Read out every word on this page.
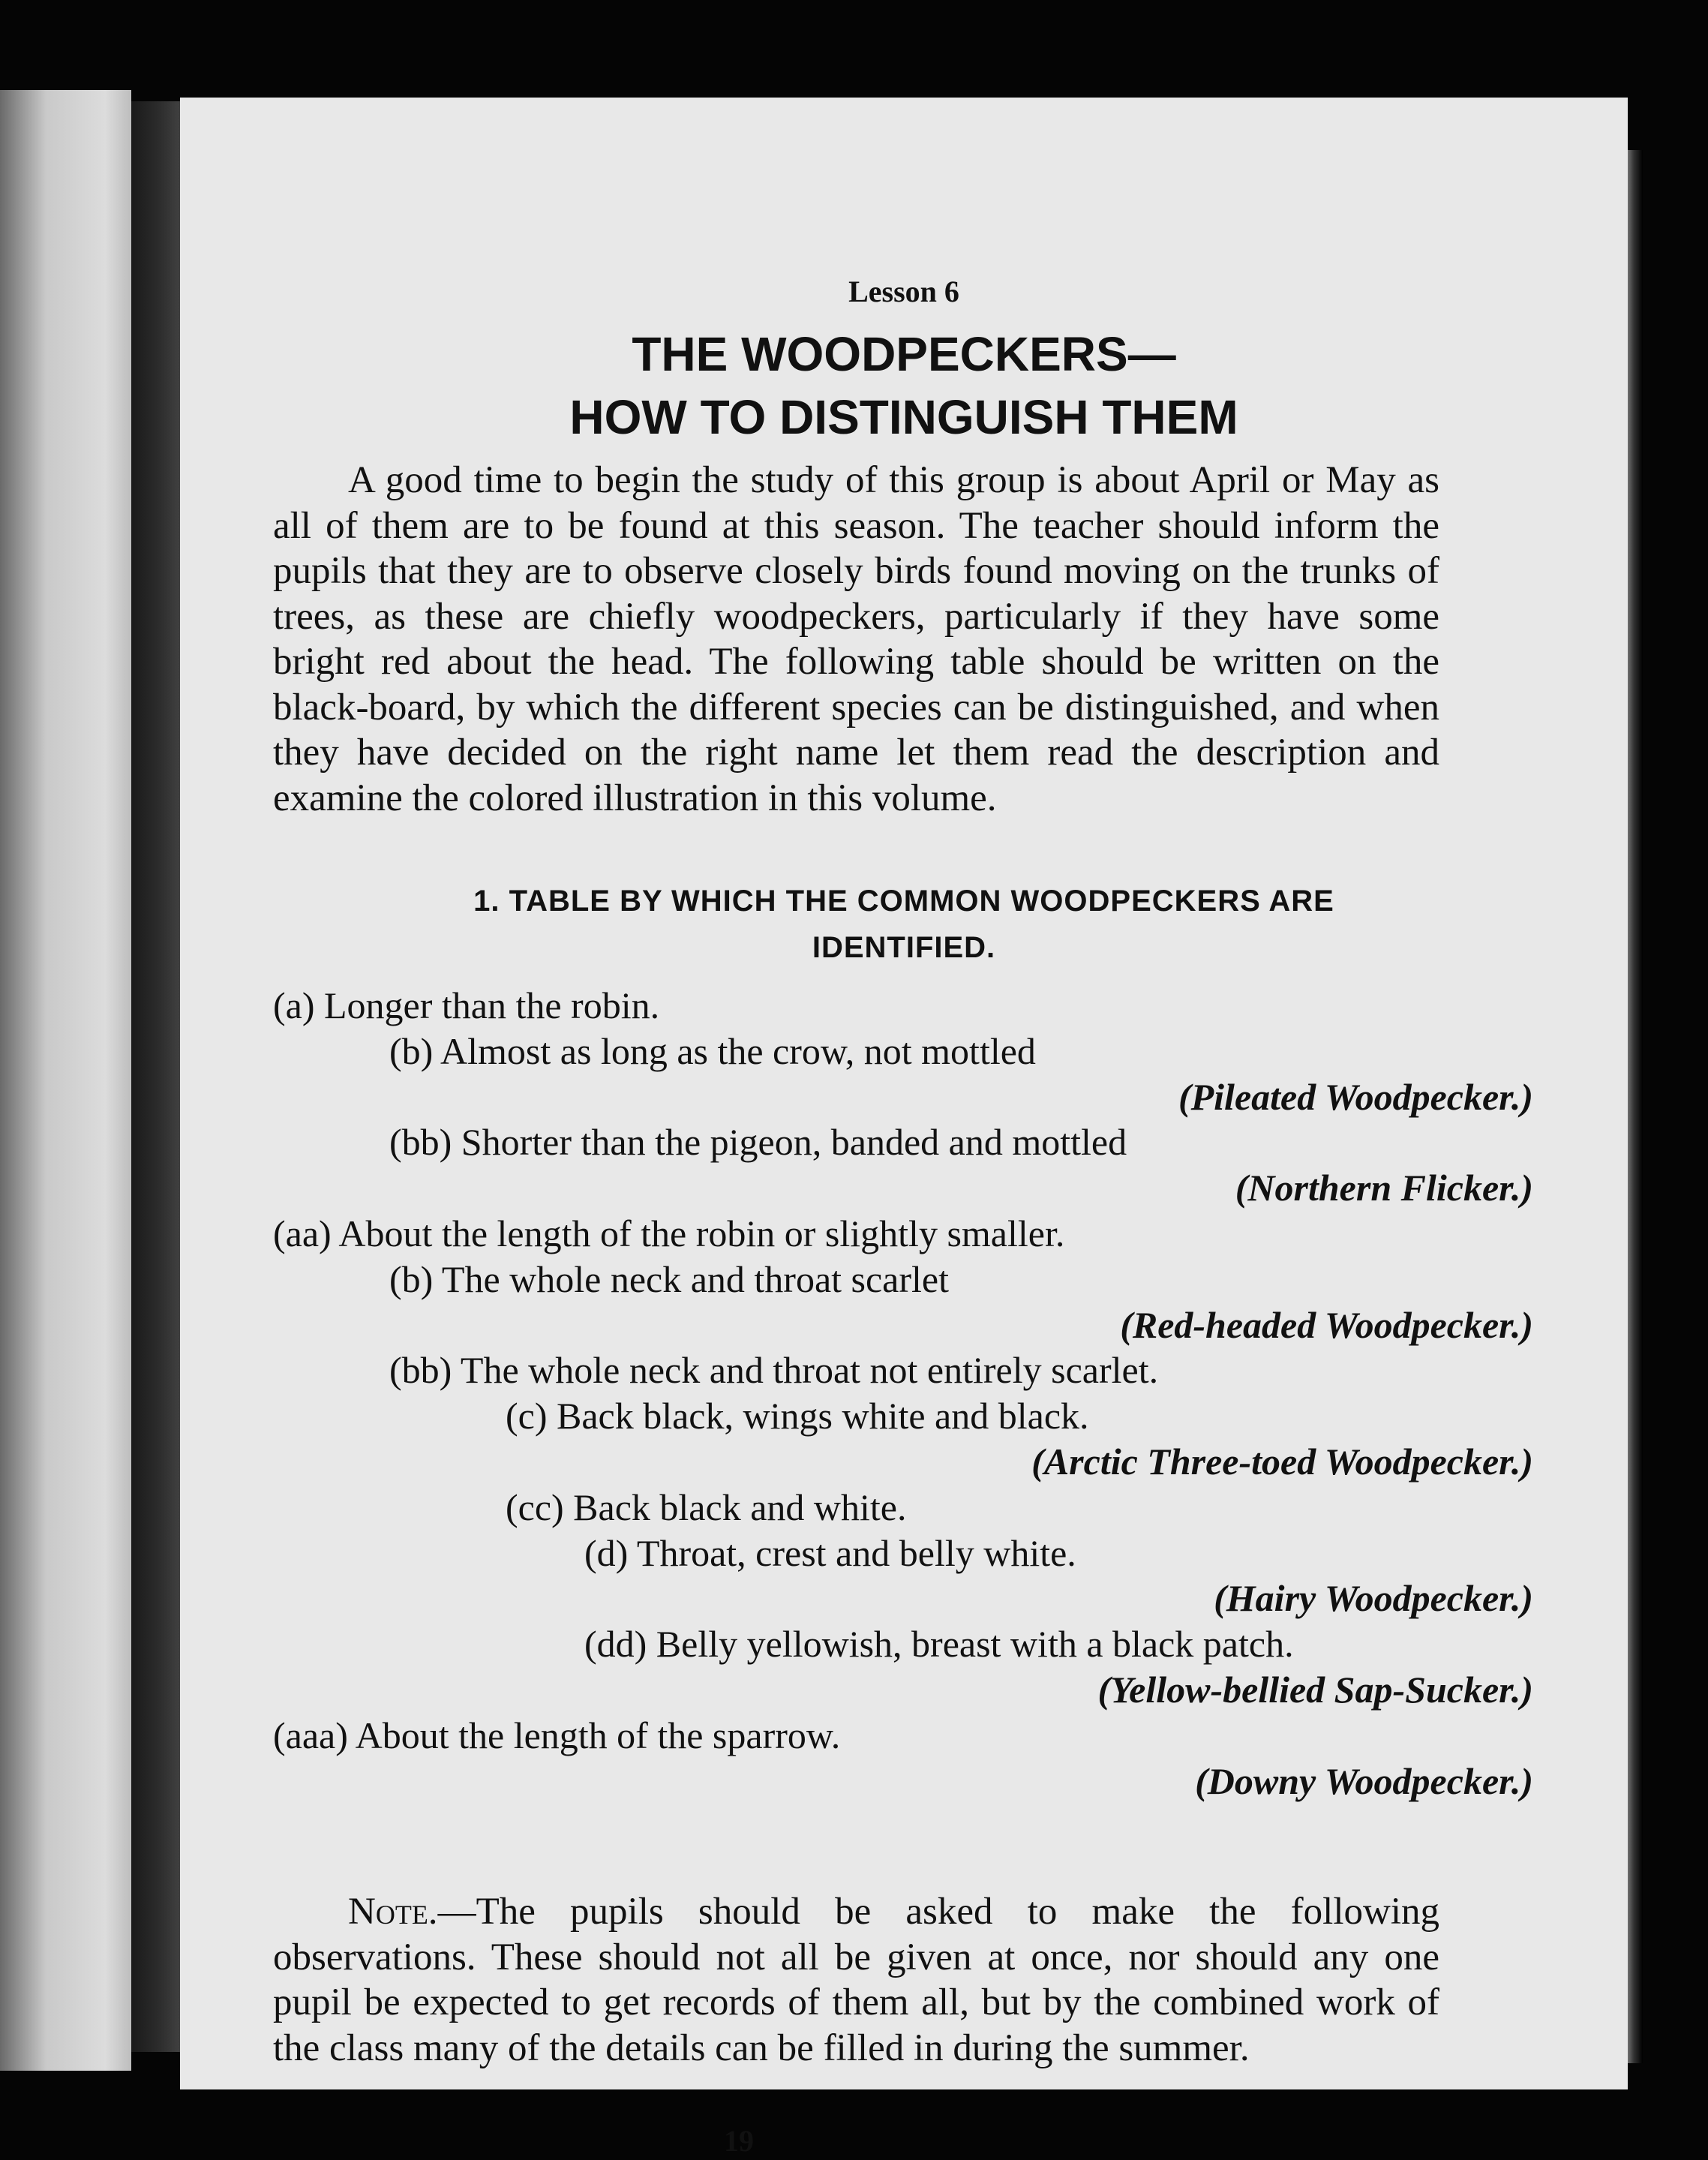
Lesson 6
THE WOODPECKERS—
HOW TO DISTINGUISH THEM
A good time to begin the study of this group is about April or May as all of them are to be found at this season. The teacher should inform the pupils that they are to observe closely birds found moving on the trunks of trees, as these are chiefly woodpeckers, particularly if they have some bright red about the head. The following table should be written on the black-board, by which the different species can be distinguished, and when they have decided on the right name let them read the description and examine the colored illustration in this volume.
1. TABLE BY WHICH THE COMMON WOODPECKERS ARE
IDENTIFIED.
(a) Longer than the robin.
(b) Almost as long as the crow, not mottled
(Pileated Woodpecker.)
(bb) Shorter than the pigeon, banded and mottled
(Northern Flicker.)
(aa) About the length of the robin or slightly smaller.
(b) The whole neck and throat scarlet
(Red-headed Woodpecker.)
(bb) The whole neck and throat not entirely scarlet.
(c) Back black, wings white and black.
(Arctic Three-toed Woodpecker.)
(cc) Back black and white.
(d) Throat, crest and belly white.
(Hairy Woodpecker.)
(dd) Belly yellowish, breast with a black patch.
(Yellow-bellied Sap-Sucker.)
(aaa) About the length of the sparrow.
(Downy Woodpecker.)
Note.—The pupils should be asked to make the following observations. These should not all be given at once, nor should any one pupil be expected to get records of them all, but by the combined work of the class many of the details can be filled in during the summer.
19
